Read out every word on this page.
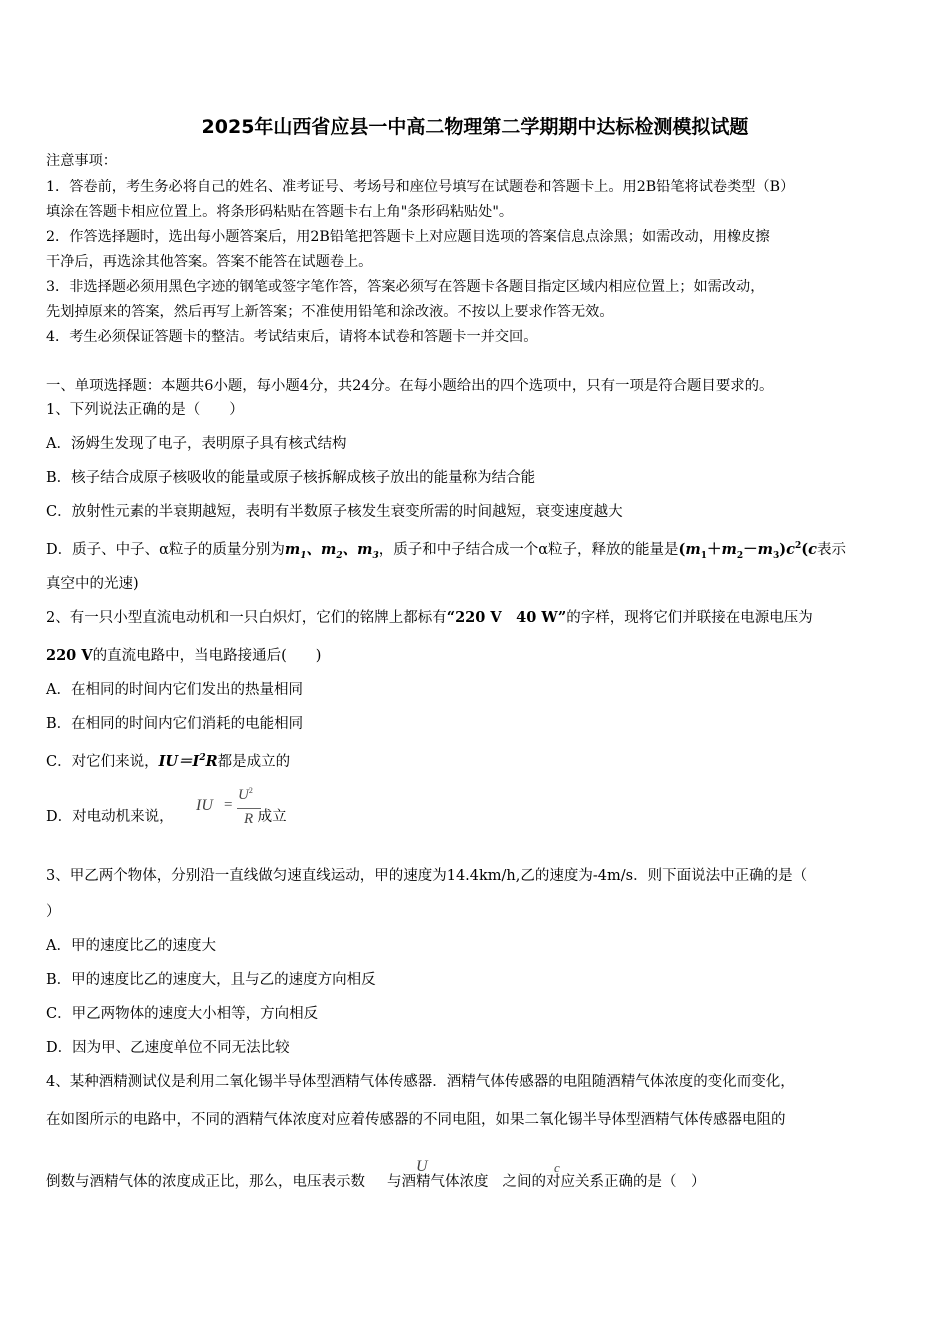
2025年山西省应县一中高二物理第二学期期中达标检测模拟试题
注意事项：
1．答卷前，考生务必将自己的姓名、准考证号、考场号和座位号填写在试题卷和答题卡上。用2B铅笔将试卷类型（B）
填涂在答题卡相应位置上。将条形码粘贴在答题卡右上角"条形码粘贴处"。
2．作答选择题时，选出每小题答案后，用2B铅笔把答题卡上对应题目选项的答案信息点涂黑；如需改动，用橡皮擦
干净后，再选涂其他答案。答案不能答在试题卷上。
3．非选择题必须用黑色字迹的钢笔或签字笔作答，答案必须写在答题卡各题目指定区域内相应位置上；如需改动，
先划掉原来的答案，然后再写上新答案；不准使用铅笔和涂改液。不按以上要求作答无效。
4．考生必须保证答题卡的整洁。考试结束后，请将本试卷和答题卡一并交回。
一、单项选择题：本题共6小题，每小题4分，共24分。在每小题给出的四个选项中，只有一项是符合题目要求的。
1、下列说法正确的是（　　）
A．汤姆生发现了电子，表明原子具有核式结构
B．核子结合成原子核吸收的能量或原子核拆解成核子放出的能量称为结合能
C．放射性元素的半衰期越短，表明有半数原子核发生衰变所需的时间越短，衰变速度越大
D．质子、中子、α粒子的质量分别为$m_1$、$m_2$、$m_3$，质子和中子结合成一个α粒子，释放的能量是$(m_1+m_2-m_3)c^2(c$表示
真空中的光速)
2、有一只小型直流电动机和一只白炽灯，它们的铭牌上都标有“220 V　40 W”的字样，现将它们并联接在电源电压为
220 V的直流电路中，当电路接通后(　　)
A．在相同的时间内它们发出的热量相同
B．在相同的时间内它们消耗的电能相同
C．对它们来说，$IU=I^2R$都是成立的
D．对电动机来说，	成立
IU =
$U^2$
R
3、甲乙两个物体，分别沿一直线做匀速直线运动，甲的速度为14.4km/h,乙的速度为-4m/s．则下面说法中正确的是（
）
A．甲的速度比乙的速度大
B．甲的速度比乙的速度大，且与乙的速度方向相反
C．甲乙两物体的速度大小相等，方向相反
D．因为甲、乙速度单位不同无法比较
4、某种酒精测试仪是利用二氧化锡半导体型酒精气体传感器．酒精气体传感器的电阻随酒精气体浓度的变化而变化，
在如图所示的电路中，不同的酒精气体浓度对应着传感器的不同电阻，如果二氧化锡半导体型酒精气体传感器电阻的
倒数与酒精气体的浓度成正比，那么，电压表示数 与酒精气体浓度 之间的对应关系正确的是（　）
U	c
